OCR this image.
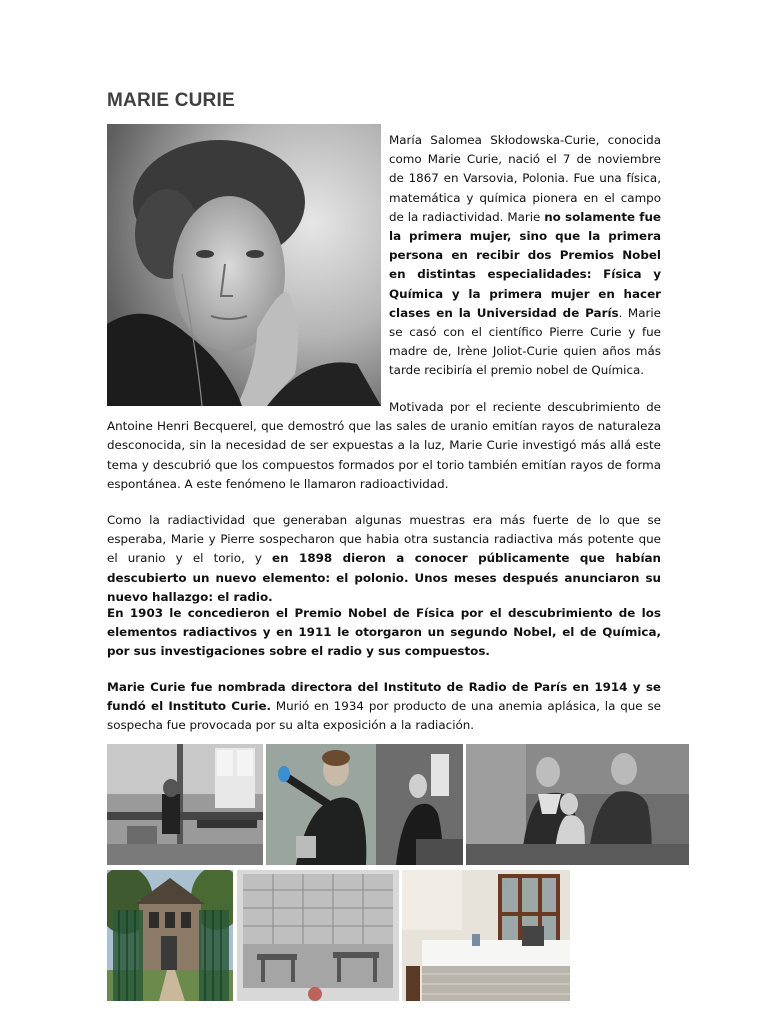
MARIE CURIE
María Salomea Skłodowska-Curie, conocida como Marie Curie, nació el 7 de noviembre de 1867 en Varsovia, Polonia. Fue una física, matemática y química pionera en el campo de la radiactividad. Marie no solamente fue la primera mujer, sino que la primera persona en recibir dos Premios Nobel en distintas especialidades: Física y Química y la primera mujer en hacer clases en la Universidad de París. Marie se casó con el científico Pierre Curie y fue madre de, Irène Joliot-Curie quien años más tarde recibiría el premio nobel de Química.
Motivada por el reciente descubrimiento de Antoine Henri Becquerel, que demostró que las sales de uranio emitían rayos de naturaleza desconocida, sin la necesidad de ser expuestas a la luz, Marie Curie investigó más allá este tema y descubrió que los compuestos formados por el torio también emitían rayos de forma espontánea. A este fenómeno le llamaron radioactividad.
Como la radiactividad que generaban algunas muestras era más fuerte de lo que se esperaba, Marie y Pierre sospecharon que habia otra sustancia radiactiva más potente que el uranio y el torio, y en 1898 dieron a conocer públicamente que habían descubierto un nuevo elemento: el polonio. Unos meses después anunciaron su nuevo hallazgo: el radio.
En 1903 le concedieron el Premio Nobel de Física por el descubrimiento de los elementos radiactivos y en 1911 le otorgaron un segundo Nobel, el de Química, por sus investigaciones sobre el radio y sus compuestos.
Marie Curie fue nombrada directora del Instituto de Radio de París en 1914 y se fundó el Instituto Curie. Murió en 1934 por producto de una anemia aplásica, la que se sospecha fue provocada por su alta exposición a la radiación.
